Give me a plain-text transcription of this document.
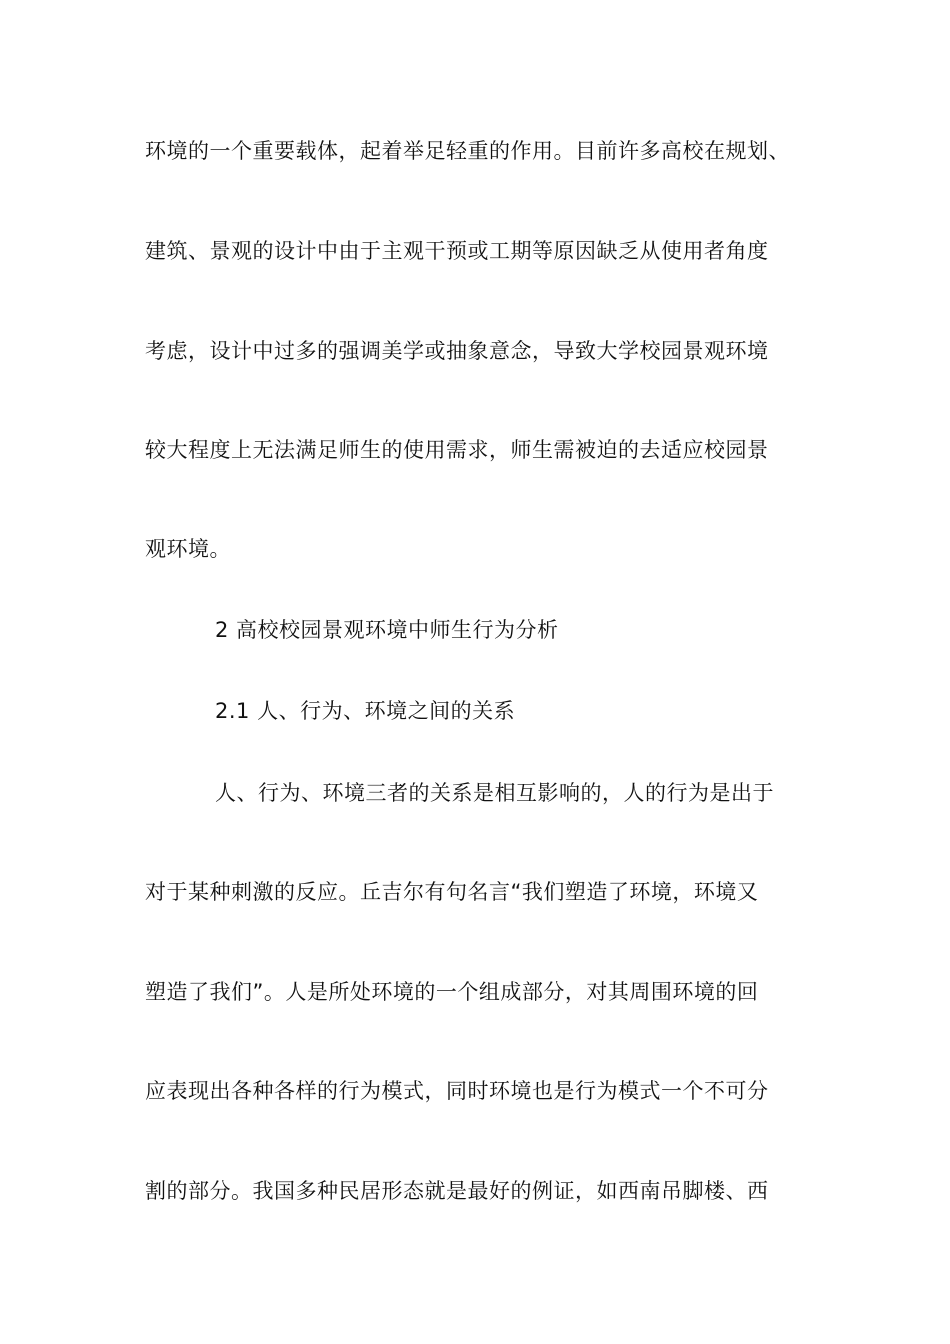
环境的一个重要载体，起着举足轻重的作用。目前许多高校在规划、
建筑、景观的设计中由于主观干预或工期等原因缺乏从使用者角度
考虑，设计中过多的强调美学或抽象意念，导致大学校园景观环境
较大程度上无法满足师生的使用需求，师生需被迫的去适应校园景
观环境。
2 高校校园景观环境中师生行为分析
2.1 人、行为、环境之间的关系
人、行为、环境三者的关系是相互影响的，人的行为是出于
对于某种刺激的反应。丘吉尔有句名言“我们塑造了环境，环境又
塑造了我们”。人是所处环境的一个组成部分，对其周围环境的回
应表现出各种各样的行为模式，同时环境也是行为模式一个不可分
割的部分。我国多种民居形态就是最好的例证，如西南吊脚楼、西
